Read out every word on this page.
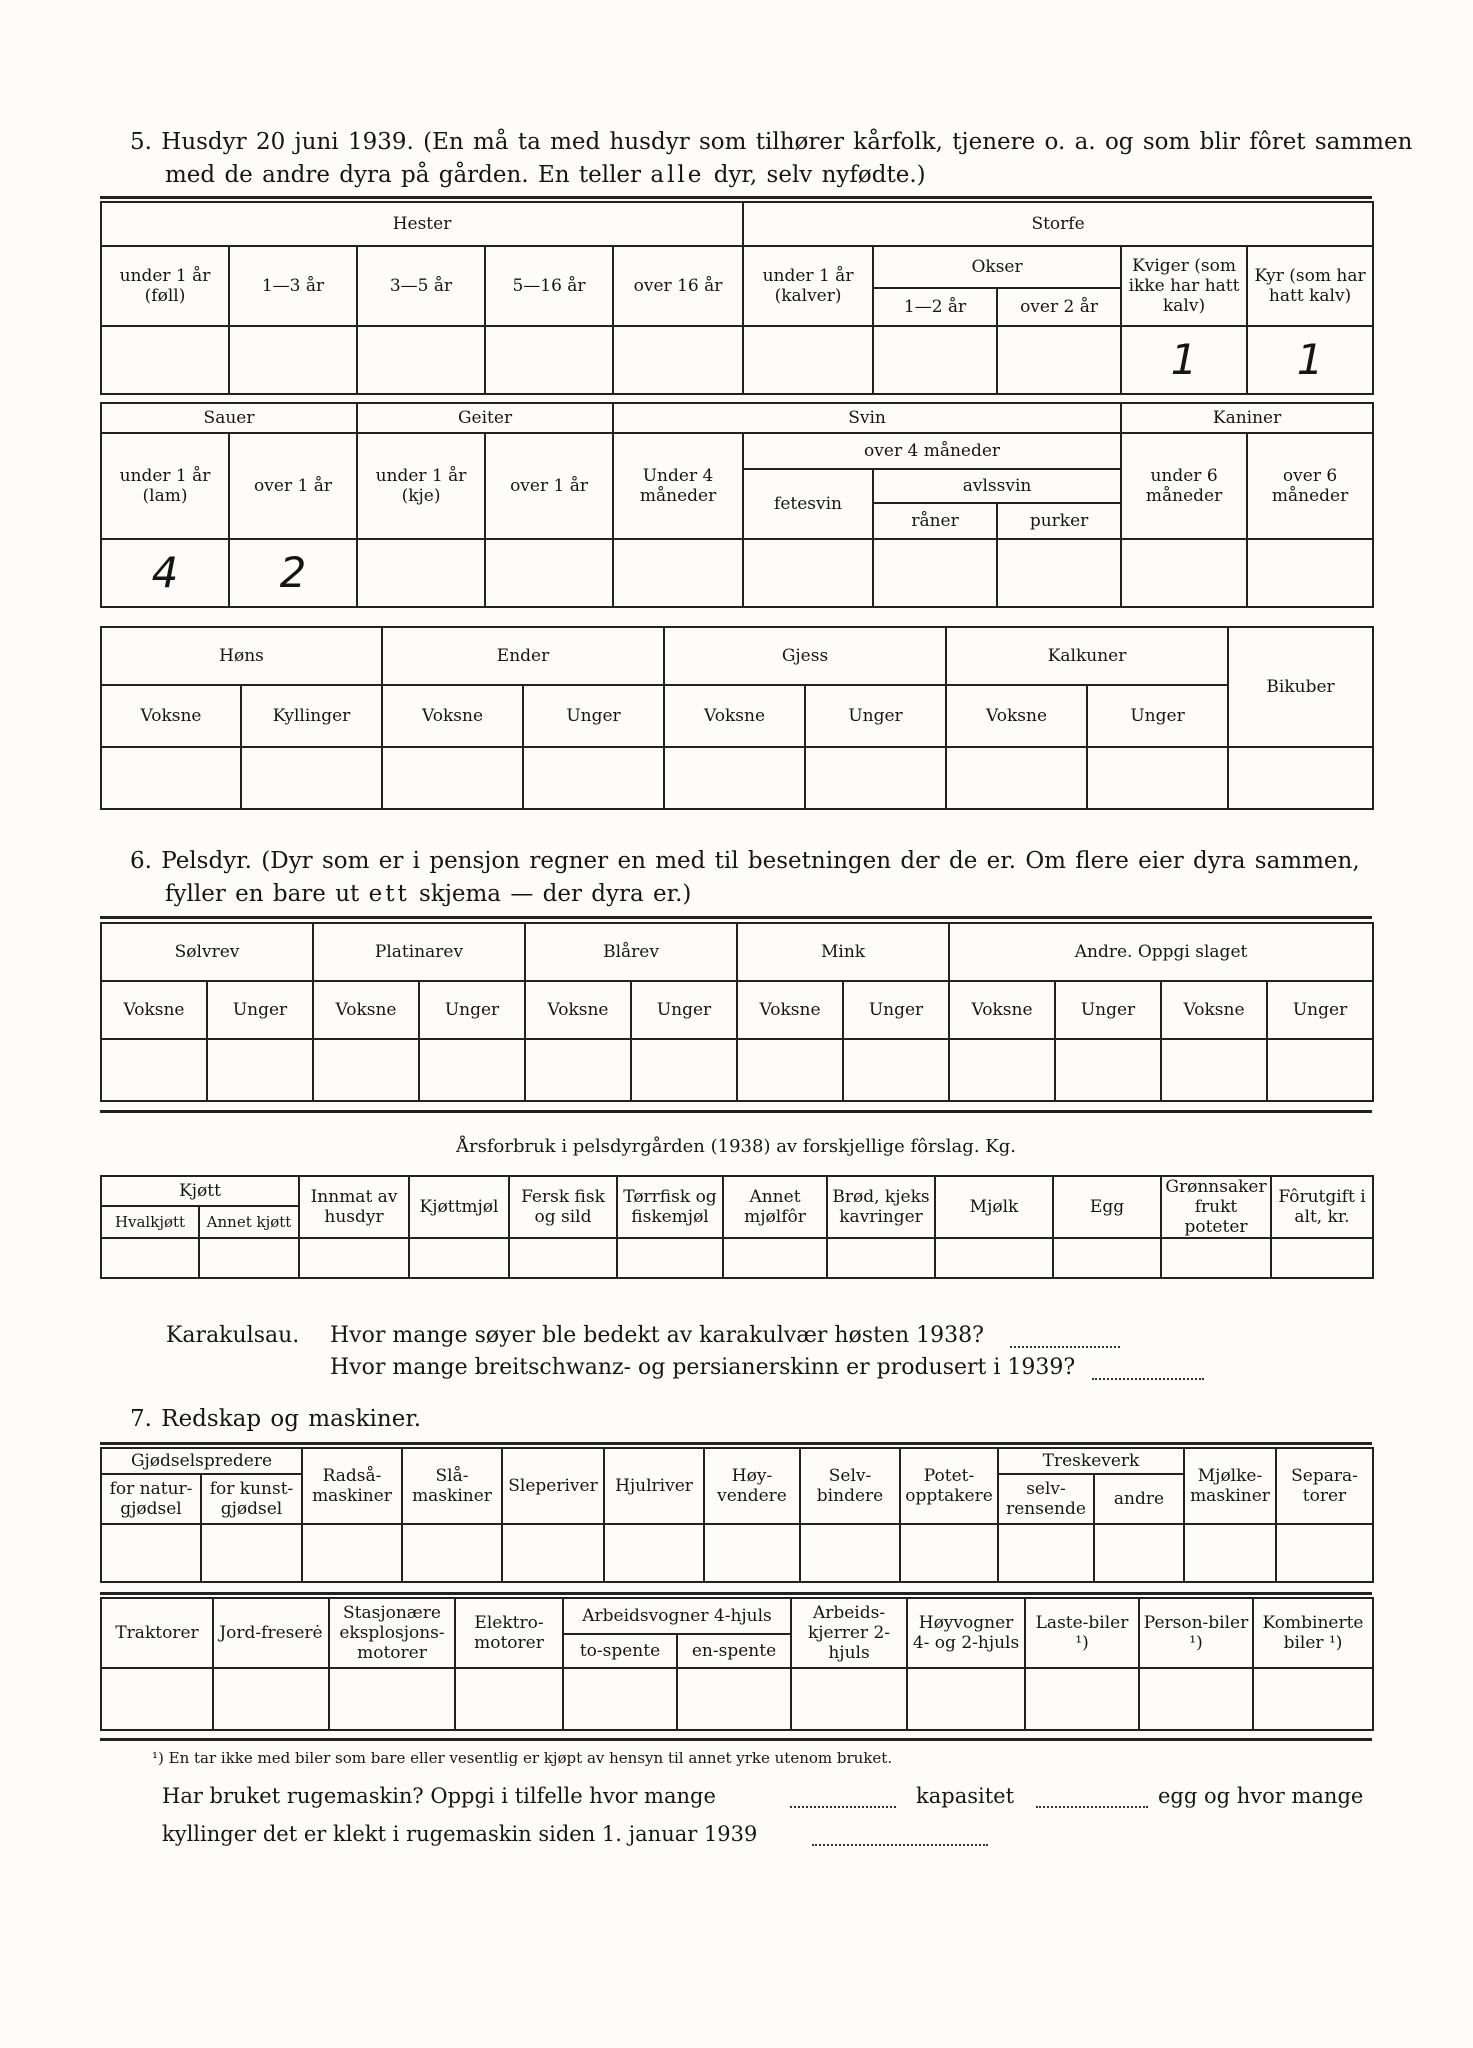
5. Husdyr 20 juni 1939. (En må ta med husdyr som tilhører kårfolk, tjenere o. a. og som blir fôret sammen
med de andre dyra på gården. En teller alle dyr, selv nyfødte.)
Hester					Storfe				
under 1 år (føll)	1—3 år	3—5 år	5—16 år	over 16 år	under 1 år (kalver)	Okser		Kviger (som ikke har hatt kalv)	Kyr (som har hatt kalv)
						1—2 år	over 2 år		
								1	1
Sauer		Geiter		Svin				Kaniner	
under 1 år (lam)	over 1 år	under 1 år (kje)	over 1 år	Under 4 måneder	over 4 måneder			under 6 måneder	over 6 måneder
					fetesvin	avlssvin			
						råner	purker		
4	2								
Høns		Ender		Gjess		Kalkuner		Bikuber
Voksne	Kyllinger	Voksne	Unger	Voksne	Unger	Voksne	Unger	

6. Pelsdyr. (Dyr som er i pensjon regner en med til besetningen der de er. Om flere eier dyra sammen,
fyller en bare ut ett skjema — der dyra er.)
Sølvrev		Platinarev		Blårev		Mink		Andre. Oppgi slaget			
Voksne	Unger	Voksne	Unger	Voksne	Unger	Voksne	Unger	Voksne	Unger	Voksne	Unger

Årsforbruk i pelsdyrgården (1938) av forskjellige fôrslag. Kg.
Kjøtt		Innmat av husdyr	Kjøttmjøl	Fersk fisk og sild	Tørrfisk og fiskemjøl	Annet mjølfôr	Brød, kjeks kavringer	Mjølk	Egg	Grønnsaker frukt poteter	Fôrutgift i alt, kr.
Hvalkjøtt	Annet kjøtt										

Karakulsau. Hvor mange søyer ble bedekt av karakulvær høsten 1938?
Hvor mange breitschwanz- og persianerskinn er produsert i 1939?
7. Redskap og maskiner.
Gjødselspredere		Radså-maskiner	Slå-maskiner	Sleperiver	Hjulriver	Høy-vendere	Selv-bindere	Potet-opptakere	Treskeverk		Mjølke-maskiner	Separa-torer
for natur-gjødsel	for kunst-gjødsel								selv-rensende	andre		

Traktorer	Jord-freserė	Stasjonære eksplosjons-motorer	Elektro-motorer	Arbeidsvogner 4-hjuls		Arbeids-kjerrer 2-hjuls	Høyvogner 4- og 2-hjuls	Laste-biler ¹)	Person-biler ¹)	Kombinerte biler ¹)
				to-spente	en-spente					

¹) En tar ikke med biler som bare eller vesentlig er kjøpt av hensyn til annet yrke utenom bruket.
Har bruket rugemaskin? Oppgi i tilfelle hvor mange	kapasitet	egg og hvor mange
kyllinger det er klekt i rugemaskin siden 1. januar 1939
